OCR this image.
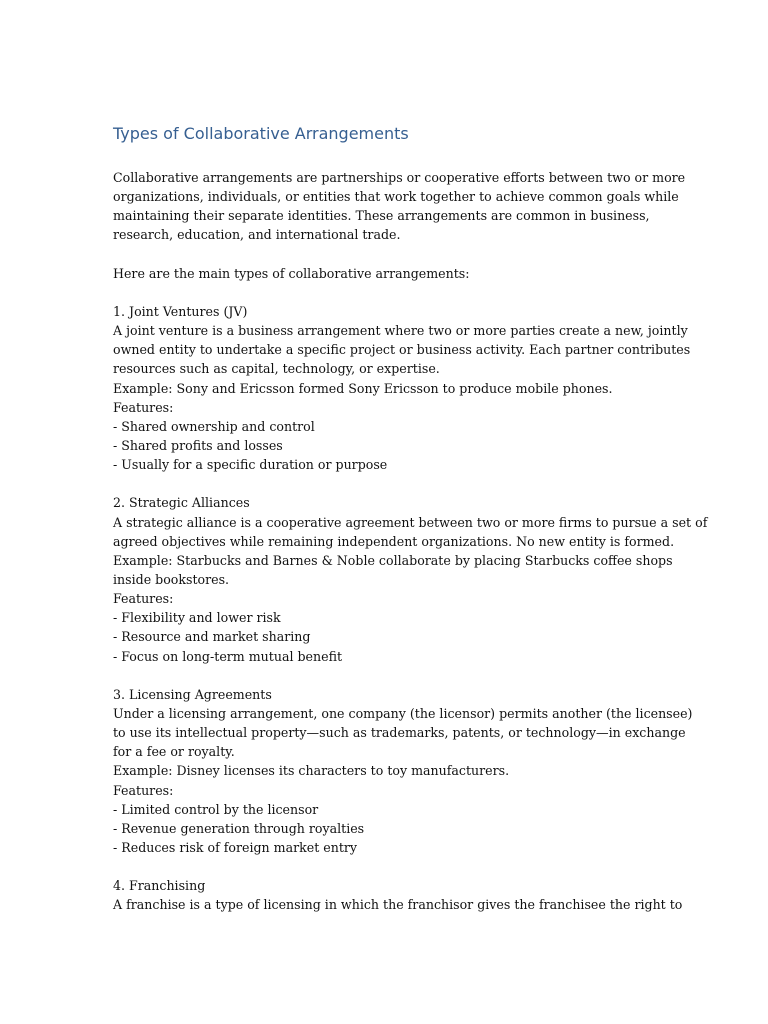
Types of Collaborative Arrangements
Collaborative arrangements are partnerships or cooperative efforts between two or more
organizations, individuals, or entities that work together to achieve common goals while
maintaining their separate identities. These arrangements are common in business,
research, education, and international trade.
Here are the main types of collaborative arrangements:
1. Joint Ventures (JV)
A joint venture is a business arrangement where two or more parties create a new, jointly
owned entity to undertake a specific project or business activity. Each partner contributes
resources such as capital, technology, or expertise.
Example: Sony and Ericsson formed Sony Ericsson to produce mobile phones.
Features:
- Shared ownership and control
- Shared profits and losses
- Usually for a specific duration or purpose
2. Strategic Alliances
A strategic alliance is a cooperative agreement between two or more firms to pursue a set of
agreed objectives while remaining independent organizations. No new entity is formed.
Example: Starbucks and Barnes & Noble collaborate by placing Starbucks coffee shops
inside bookstores.
Features:
- Flexibility and lower risk
- Resource and market sharing
- Focus on long-term mutual benefit
3. Licensing Agreements
Under a licensing arrangement, one company (the licensor) permits another (the licensee)
to use its intellectual property—such as trademarks, patents, or technology—in exchange
for a fee or royalty.
Example: Disney licenses its characters to toy manufacturers.
Features:
- Limited control by the licensor
- Revenue generation through royalties
- Reduces risk of foreign market entry
4. Franchising
A franchise is a type of licensing in which the franchisor gives the franchisee the right to
